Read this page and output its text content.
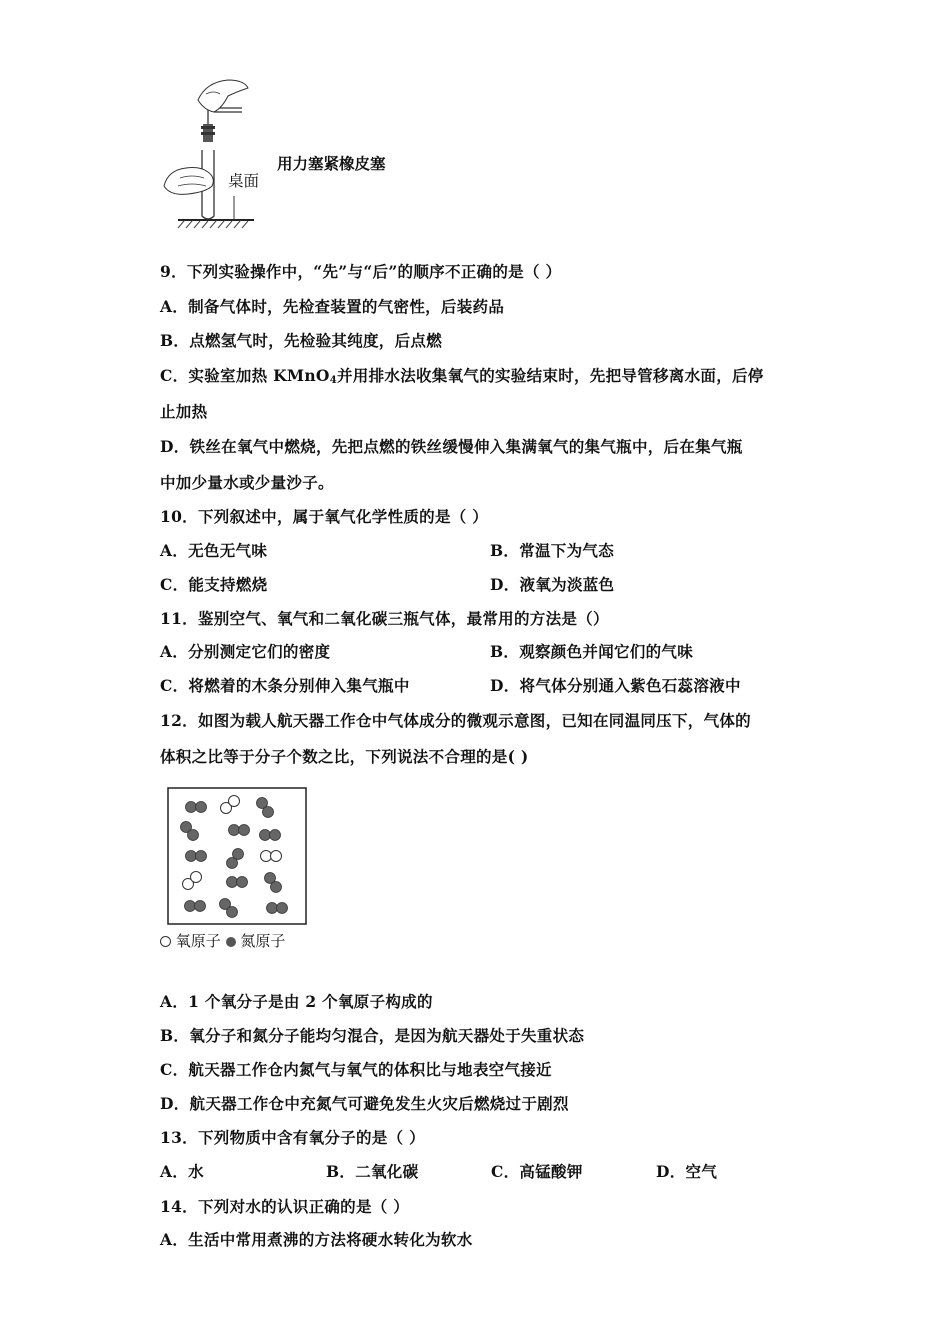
用力塞紧橡皮塞
桌面
9．下列实验操作中，“先”与“后”的顺序不正确的是（ ）
A．制备气体时，先检查装置的气密性，后装药品
B．点燃氢气时，先检验其纯度，后点燃
C．实验室加热 KMnO$_4$并用排水法收集氧气的实验结束时，先把导管移离水面，后停
止加热
D．铁丝在氧气中燃烧，先把点燃的铁丝缓慢伸入集满氧气的集气瓶中，后在集气瓶
中加少量水或少量沙子。
10．下列叙述中，属于氧气化学性质的是（ ）
A．无色无气味	B．常温下为气态
C．能支持燃烧	D．液氧为淡蓝色
11．鉴别空气、氧气和二氧化碳三瓶气体，最常用的方法是（）
A．分别测定它们的密度	B．观察颜色并闻它们的气味
C．将燃着的木条分别伸入集气瓶中	D．将气体分别通入紫色石蕊溶液中
12．如图为载人航天器工作仓中气体成分的微观示意图，已知在同温同压下，气体的
体积之比等于分子个数之比，下列说法不合理的是( )
氧原子 氮原子
A．1 个氧分子是由 2 个氧原子构成的
B．氧分子和氮分子能均匀混合，是因为航天器处于失重状态
C．航天器工作仓内氮气与氧气的体积比与地表空气接近
D．航天器工作仓中充氮气可避免发生火灾后燃烧过于剧烈
13．下列物质中含有氧分子的是（ ）
A．水	B．二氧化碳	C．高锰酸钾	D．空气
14．下列对水的认识正确的是（ ）
A．生活中常用煮沸的方法将硬水转化为软水
